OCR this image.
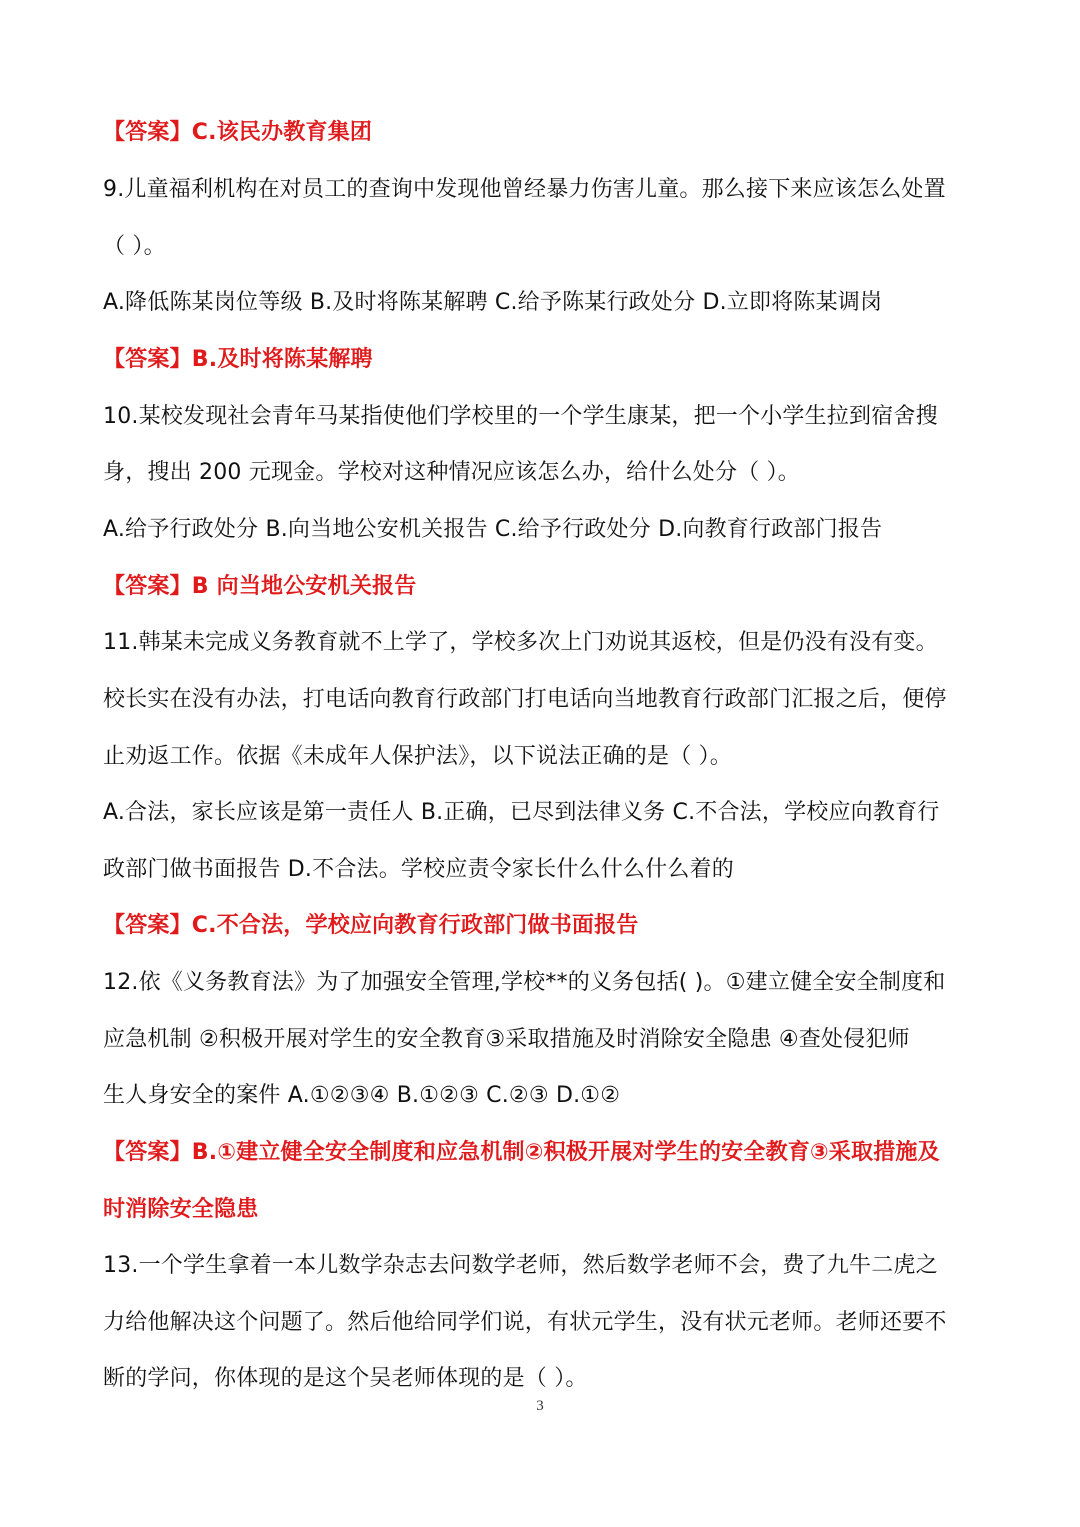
【答案】C.该民办教育集团
9.儿童福利机构在对员工的查询中发现他曾经暴力伤害儿童。那么接下来应该怎么处置
（ ）。
A.降低陈某岗位等级 B.及时将陈某解聘 C.给予陈某行政处分 D.立即将陈某调岗
【答案】B.及时将陈某解聘
10.某校发现社会青年马某指使他们学校里的一个学生康某，把一个小学生拉到宿舍搜
身，搜出 200 元现金。学校对这种情况应该怎么办，给什么处分（ ）。
A.给予行政处分 B.向当地公安机关报告 C.给予行政处分 D.向教育行政部门报告
【答案】B 向当地公安机关报告
11.韩某未完成义务教育就不上学了，学校多次上门劝说其返校，但是仍没有没有变。
校长实在没有办法，打电话向教育行政部门打电话向当地教育行政部门汇报之后，便停
止劝返工作。依据《未成年人保护法》，以下说法正确的是（ ）。
A.合法，家长应该是第一责任人 B.正确，已尽到法律义务 C.不合法，学校应向教育行
政部门做书面报告 D.不合法。学校应责令家长什么什么什么着的
【答案】C.不合法，学校应向教育行政部门做书面报告
12.依《义务教育法》为了加强安全管理,学校**的义务包括( )。①建立健全安全制度和
应急机制 ②积极开展对学生的安全教育③采取措施及时消除安全隐患 ④查处侵犯师
生人身安全的案件 A.①②③④ B.①②③ C.②③ D.①②
【答案】B.①建立健全安全制度和应急机制②积极开展对学生的安全教育③采取措施及
时消除安全隐患
13.一个学生拿着一本儿数学杂志去问数学老师，然后数学老师不会，费了九牛二虎之
力给他解决这个问题了。然后他给同学们说，有状元学生，没有状元老师。老师还要不
断的学问，你体现的是这个吴老师体现的是（ ）。
3
